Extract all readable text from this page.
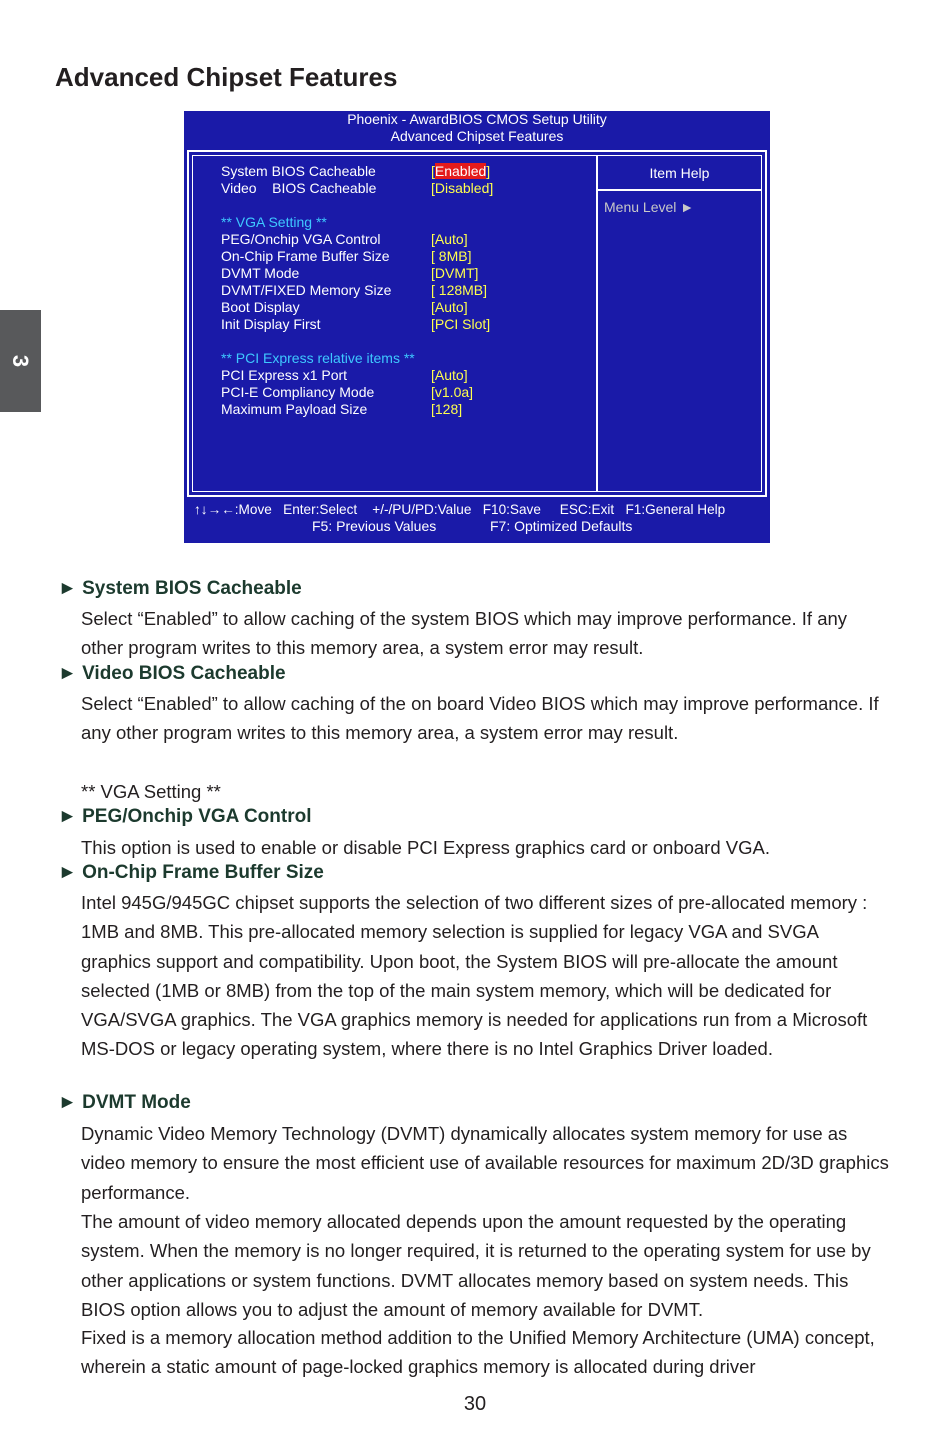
Advanced Chipset Features
3
Phoenix - AwardBIOS CMOS Setup Utility
Advanced Chipset Features
Item Help
Menu Level ►
System BIOS Cacheable	[Enabled]
Video    BIOS Cacheable	[Disabled]
** VGA Setting **
PEG/Onchip VGA Control	[Auto]
On-Chip Frame Buffer Size	[ 8MB]
DVMT Mode	[DVMT]
DVMT/FIXED Memory Size	[ 128MB]
Boot Display	[Auto]
Init Display First	[PCI Slot]
** PCI Express relative items **
PCI Express x1 Port	[Auto]
PCI-E Compliancy Mode	[v1.0a]
Maximum Payload Size	[128]
↑↓→←:Move   Enter:Select    +/-/PU/PD:Value   F10:Save     ESC:Exit   F1:General Help
F5: Previous Values	F7: Optimized Defaults
► System BIOS Cacheable

Select “Enabled” to allow caching of the system BIOS which may improve performance. If any other program writes to this memory area, a system error may result.

► Video BIOS Cacheable

Select “Enabled” to allow caching of the on board Video BIOS which may improve performance. If any other program writes to this memory area, a system error may result.

** VGA Setting **

► PEG/Onchip VGA Control

This option is used to enable or disable PCI Express graphics card or onboard VGA.

► On-Chip Frame Buffer Size

Intel 945G/945GC chipset supports the selection of two different sizes of pre-allocated memory : 1MB and 8MB. This pre-allocated memory selection is supplied for legacy VGA and SVGA graphics support and compatibility. Upon boot, the System BIOS will pre-allocate the amount selected (1MB or 8MB) from the top of the main system memory, which will be dedicated for VGA/SVGA graphics. The VGA graphics memory is needed for applications run from a Microsoft MS-DOS or legacy operating system, where there is no Intel Graphics Driver loaded.

► DVMT Mode

Dynamic Video Memory Technology (DVMT) dynamically allocates system memory for use as video memory to ensure the most efficient use of available resources for maximum 2D/3D graphics performance.

The amount of video memory allocated depends upon the amount requested by the operating system. When the memory is no longer required, it is returned to the operating system for use by other applications or system functions. DVMT allocates memory based on system needs. This BIOS option allows you to adjust the amount of memory available for DVMT.

Fixed is a memory allocation method addition to the Unified Memory Architecture (UMA) concept, wherein a static amount of page-locked graphics memory is allocated during driver

30
